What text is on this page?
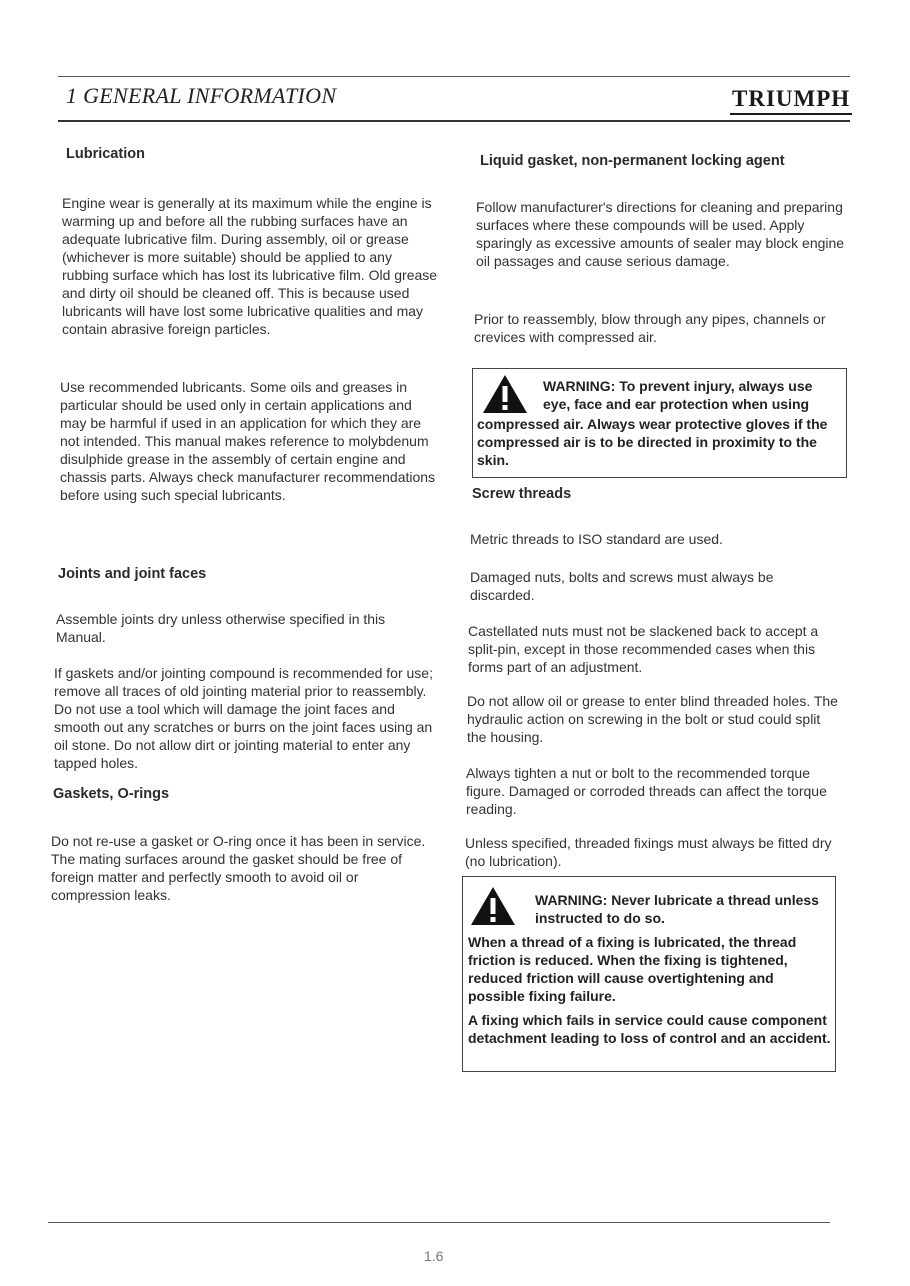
1 GENERAL INFORMATION	TRIUMPH
Lubrication

Engine wear is generally at its maximum while the engine is warming up and before all the rubbing surfaces have an adequate lubricative film. During assembly, oil or grease (whichever is more suitable) should be applied to any rubbing surface which has lost its lubricative film. Old grease and dirty oil should be cleaned off. This is because used lubricants will have lost some lubricative qualities and may contain abrasive foreign particles.

Use recommended lubricants. Some oils and greases in particular should be used only in certain applications and may be harmful if used in an application for which they are not intended. This manual makes reference to molybdenum disulphide grease in the assembly of certain engine and chassis parts. Always check manufacturer recommendations before using such special lubricants.

Joints and joint faces

Assemble joints dry unless otherwise specified in this Manual.

If gaskets and/or jointing compound is recommended for use; remove all traces of old jointing material prior to reassembly. Do not use a tool which will damage the joint faces and smooth out any scratches or burrs on the joint faces using an oil stone. Do not allow dirt or jointing material to enter any tapped holes.

Gaskets, O-rings

Do not re-use a gasket or O-ring once it has been in service. The mating surfaces around the gasket should be free of foreign matter and perfectly smooth to avoid oil or compression leaks.

Liquid gasket, non-permanent locking agent

Follow manufacturer's directions for cleaning and preparing surfaces where these compounds will be used. Apply sparingly as excessive amounts of sealer may block engine oil passages and cause serious damage.

Prior to reassembly, blow through any pipes, channels or crevices with compressed air.

WARNING: To prevent injury, always use eye, face and ear protection when using

compressed air. Always wear protective gloves if the compressed air is to be directed in proximity to the skin.

Screw threads

Metric threads to ISO standard are used.

Damaged nuts, bolts and screws must always be discarded.

Castellated nuts must not be slackened back to accept a split-pin, except in those recommended cases when this forms part of an adjustment.

Do not allow oil or grease to enter blind threaded holes. The hydraulic action on screwing in the bolt or stud could split the housing.

Always tighten a nut or bolt to the recommended torque figure. Damaged or corroded threads can affect the torque reading.

Unless specified, threaded fixings must always be fitted dry (no lubrication).

WARNING: Never lubricate a thread unless instructed to do so.

When a thread of a fixing is lubricated, the thread friction is reduced. When the fixing is tightened, reduced friction will cause overtightening and possible fixing failure.

A fixing which fails in service could cause component detachment leading to loss of control and an accident.

1.6
